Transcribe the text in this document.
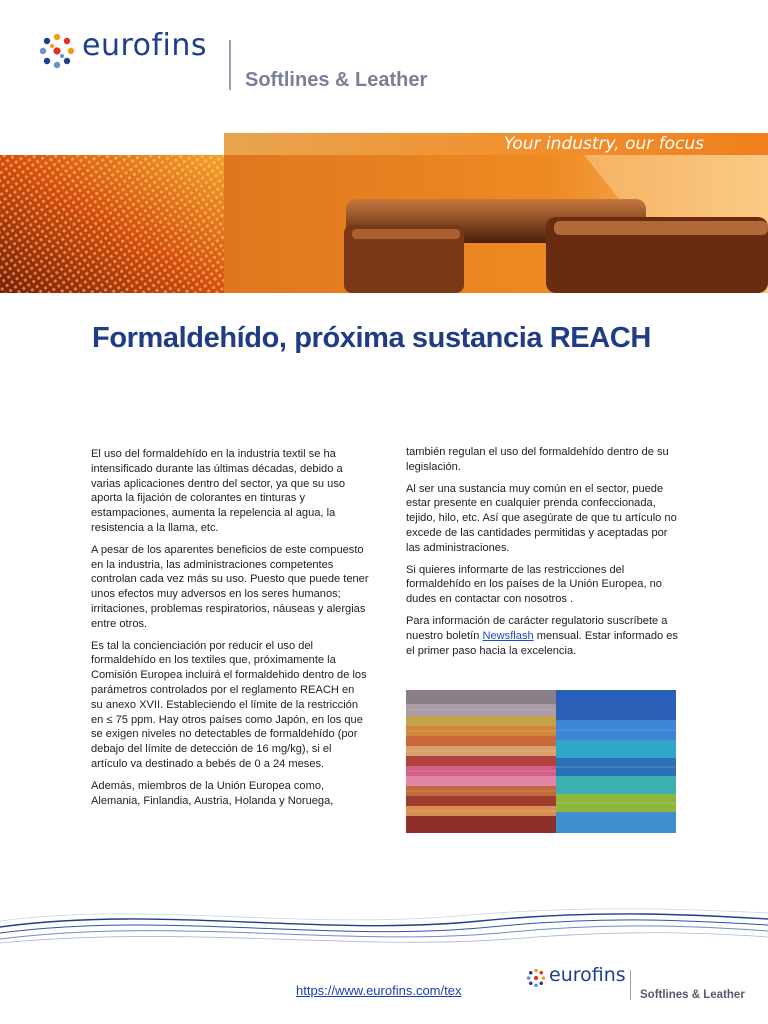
eurofins
Softlines & Leather
Your industry, our focus
Formaldehído, próxima sustancia REACH

El uso del formaldehído en la industria textil se ha intensificado durante las últimas décadas, debido a varias aplicaciones dentro del sector, ya que su uso aporta la fijación de colorantes en tinturas y estampaciones, aumenta la repelencia al agua, la resistencia a la llama, etc.

A pesar de los aparentes beneficios de este compuesto en la industria, las administraciones competentes controlan cada vez más su uso. Puesto que puede tener unos efectos muy adversos en los seres humanos; irritaciones, problemas respiratorios, náuseas y alergias entre otros.

Es tal la concienciación por reducir el uso del formaldehído en los textiles que, próximamente la Comisión Europea incluirá el formaldehido dentro de los parámetros controlados por el reglamento REACH en su anexo XVII. Estableciendo el límite de la restricción en ≤ 75 ppm. Hay otros países como Japón, en los que se exigen niveles no detectables de formaldehído (por debajo del límite de detección de 16 mg/kg), si el artículo va destinado a bebés de 0 a 24 meses.

Además, miembros de la Unión Europea como, Alemania, Finlandia, Austria, Holanda y Noruega,

también regulan el uso del formaldehído dentro de su legislación.

Al ser una sustancia muy común en el sector, puede estar presente en cualquier prenda confeccionada, tejido, hilo, etc. Así que asegúrate de que tu artículo no excede de las cantidades permitidas y aceptadas por las administraciones.

Si quieres informarte de las restricciones del formaldehído en los países de la Unión Europea, no dudes en contactar con nosotros .

Para información de carácter regulatorio suscríbete a nuestro boletín Newsflash mensual. Estar informado es el primer paso hacia la excelencia.

https://www.eurofins.com/tex
eurofins
Softlines & Leather
